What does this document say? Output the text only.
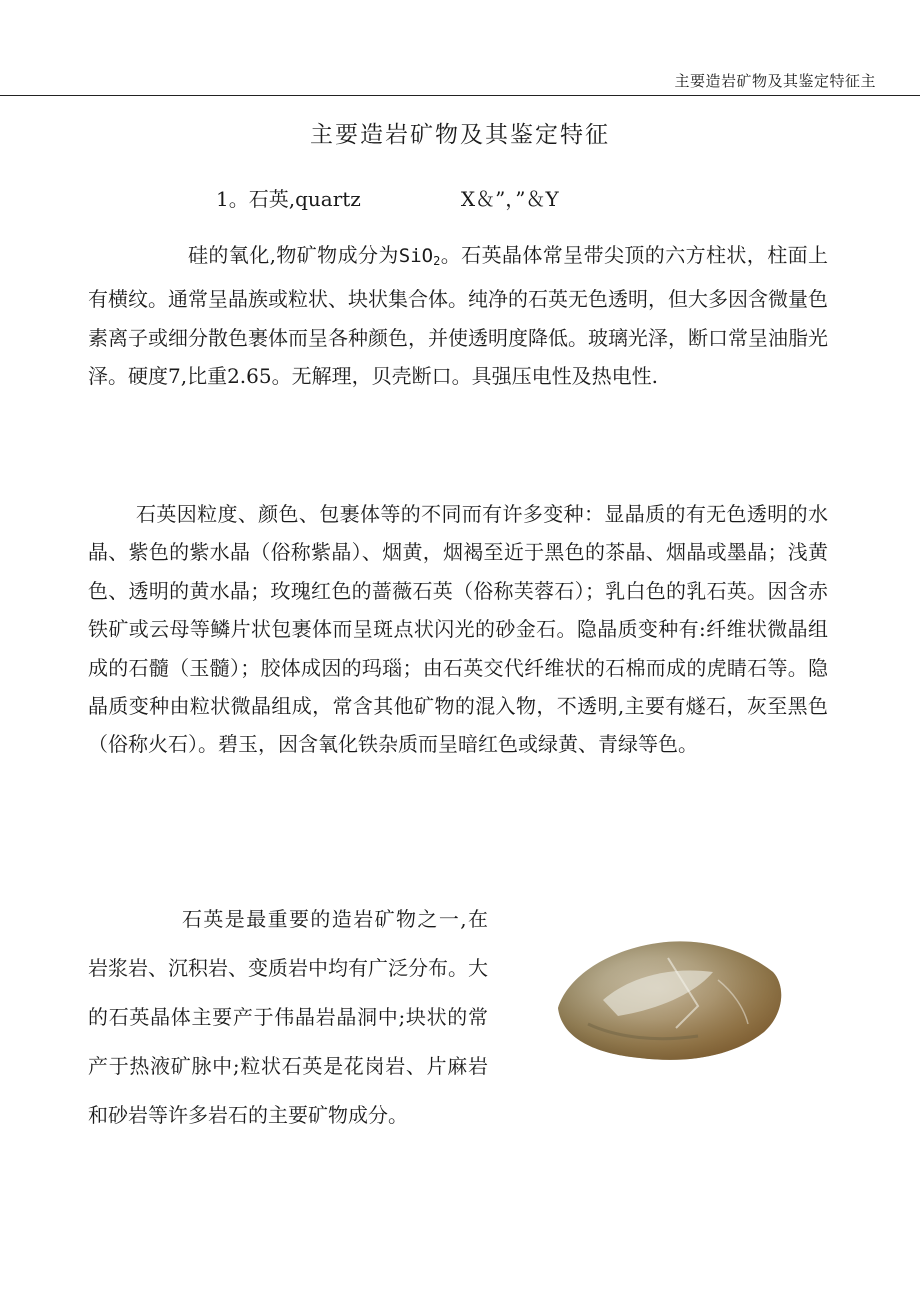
主要造岩矿物及其鉴定特征主
主要造岩矿物及其鉴定特征
1。石英,quartz	X＆”，”＆Y

硅的氧化,物矿物成分为SiO$_2$。石英晶体常呈带尖顶的六方柱状，柱面上有横纹。通常呈晶族或粒状、块状集合体。纯净的石英无色透明，但大多因含微量色素离子或细分散色裹体而呈各种颜色，并使透明度降低。玻璃光泽，断口常呈油脂光泽。硬度7,比重2.65。无解理，贝壳断口。具强压电性及热电性.

石英因粒度、颜色、包裹体等的不同而有许多变种：显晶质的有无色透明的水晶、紫色的紫水晶（俗称紫晶）、烟黄，烟褐至近于黑色的茶晶、烟晶或墨晶；浅黄色、透明的黄水晶；玫瑰红色的蔷薇石英（俗称芙蓉石）；乳白色的乳石英。因含赤铁矿或云母等鳞片状包裹体而呈斑点状闪光的砂金石。隐晶质变种有:纤维状微晶组成的石髓（玉髓）；胶体成因的玛瑙；由石英交代纤维状的石棉而成的虎睛石等。隐晶质变种由粒状微晶组成，常含其他矿物的混入物，不透明,主要有燧石，灰至黑色（俗称火石）。碧玉，因含氧化铁杂质而呈暗红色或绿黄、青绿等色。

石英是最重要的造岩矿物之一,在岩浆岩、沉积岩、变质岩中均有广泛分布。大的石英晶体主要产于伟晶岩晶洞中;块状的常产于热液矿脉中;粒状石英是花岗岩、片麻岩和砂岩等许多岩石的主要矿物成分。
